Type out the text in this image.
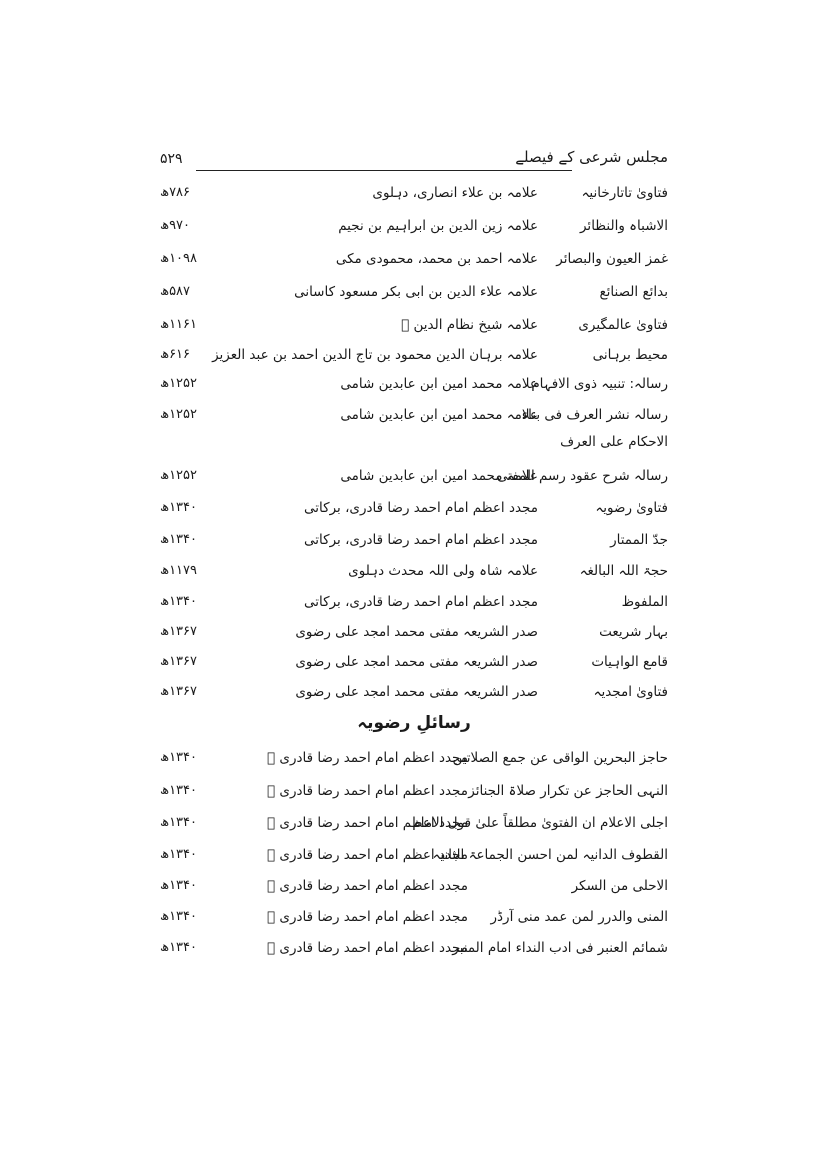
۵۲۹	مجلس شرعی کے فیصلے
فتاویٰ تاتارخانیہ
علامہ بن علاء انصاری، دہلوی
۷۸۶ھ
الاشباہ والنظائر
علامہ زین الدین بن ابراہیم بن نجیم
۹۷۰ھ
غمز العیون والبصائر
علامہ احمد بن محمد، محمودی مکی
۱۰۹۸ھ
بدائع الصنائع
علامہ علاء الدین بن ابی بکر مسعود کاسانی
۵۸۷ھ
فتاویٰ عالمگیری
علامہ شیخ نظام الدین ﷫
۱۱۶۱ھ
محیط برہانی
علامہ برہان الدین محمود بن تاج الدین احمد بن عبد العزیز
۶۱۶ھ
رسالہ: تنبیہ ذوی الافہام
علامہ محمد امین ابن عابدین شامی
۱۲۵۲ھ
رسالہ نشر العرف فی بناء
علامہ محمد امین ابن عابدین شامی
۱۲۵۲ھ
الاحکام علی العرف
رسالہ شرح عقود رسم المفتی
علامہ محمد امین ابن عابدین شامی
۱۲۵۲ھ
فتاویٰ رضویہ
مجدد اعظم امام احمد رضا قادری، برکاتی
۱۳۴۰ھ
جدّ الممتار
مجدد اعظم امام احمد رضا قادری، برکاتی
۱۳۴۰ھ
حجۃ اللہ البالغہ
علامہ شاہ ولی اللہ محدث دہلوی
۱۱۷۹ھ
الملفوظ
مجدد اعظم امام احمد رضا قادری، برکاتی
۱۳۴۰ھ
بہار شریعت
صدر الشریعہ مفتی محمد امجد علی رضوی
۱۳۶۷ھ
قامع الواہیات
صدر الشریعہ مفتی محمد امجد علی رضوی
۱۳۶۷ھ
فتاویٰ امجدیہ
صدر الشریعہ مفتی محمد امجد علی رضوی
۱۳۶۷ھ
رسائلِ رضویہ
حاجز البحرین الواقی عن جمع الصلاتین
مجدد اعظم امام احمد رضا قادری ﷫
۱۳۴۰ھ
النہی الحاجز عن تکرار صلاۃ الجنائز
مجدد اعظم امام احمد رضا قادری ﷫
۱۳۴۰ھ
اجلی الاعلام ان الفتویٰ مطلقاً علیٰ قول الامام
مجدد اعظم امام احمد رضا قادری ﷫
۱۳۴۰ھ
القطوف الدانیہ لمن احسن الجماعۃ الثانیہ
مجدد اعظم امام احمد رضا قادری ﷫
۱۳۴۰ھ
الاحلی من السکر
مجدد اعظم امام احمد رضا قادری ﷫
۱۳۴۰ھ
المنی والدرر لمن عمد منی آرڈر
مجدد اعظم امام احمد رضا قادری ﷫
۱۳۴۰ھ
شمائم العنبر فی ادب النداء امام المنبر
مجدد اعظم امام احمد رضا قادری ﷫
۱۳۴۰ھ
